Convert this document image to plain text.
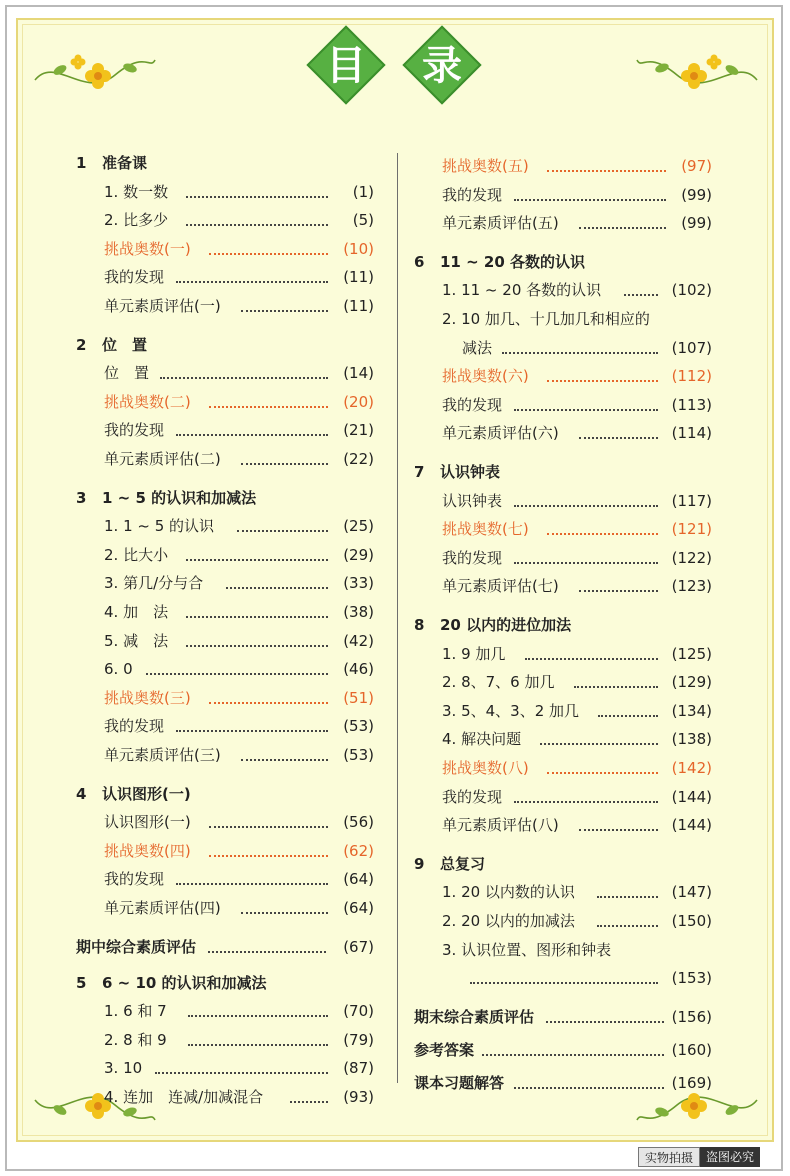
目	录
1 准备课
1. 数一数	(1)
2. 比多少	(5)
挑战奥数(一)	(10)
我的发现	(11)
单元素质评估(一)	(11)
2 位　置
位　置	(14)
挑战奥数(二)	(20)
我的发现	(21)
单元素质评估(二)	(22)
3 1 ~ 5 的认识和加减法
1. 1 ~ 5 的认识	(25)
2. 比大小	(29)
3. 第几/分与合	(33)
4. 加　法	(38)
5. 减　法	(42)
6. 0	(46)
挑战奥数(三)	(51)
我的发现	(53)
单元素质评估(三)	(53)
4 认识图形(一)
认识图形(一)	(56)
挑战奥数(四)	(62)
我的发现	(64)
单元素质评估(四)	(64)
期中综合素质评估	(67)
5 6 ~ 10 的认识和加减法
1. 6 和 7	(70)
2. 8 和 9	(79)
3. 10	(87)
4. 连加　连减/加减混合	(93)
挑战奥数(五)	(97)
我的发现	(99)
单元素质评估(五)	(99)
6 11 ~ 20 各数的认识
1. 11 ~ 20 各数的认识	(102)
2. 10 加几、十几加几和相应的
减法	(107)
挑战奥数(六)	(112)
我的发现	(113)
单元素质评估(六)	(114)
7 认识钟表
认识钟表	(117)
挑战奥数(七)	(121)
我的发现	(122)
单元素质评估(七)	(123)
8 20 以内的进位加法
1. 9 加几	(125)
2. 8、7、6 加几	(129)
3. 5、4、3、2 加几	(134)
4. 解决问题	(138)
挑战奥数(八)	(142)
我的发现	(144)
单元素质评估(八)	(144)
9 总复习
1. 20 以内数的认识	(147)
2. 20 以内的加减法	(150)
3. 认识位置、图形和钟表
(153)
期末综合素质评估	(156)
参考答案	(160)
课本习题解答	(169)
实物拍摄	盗图必究
